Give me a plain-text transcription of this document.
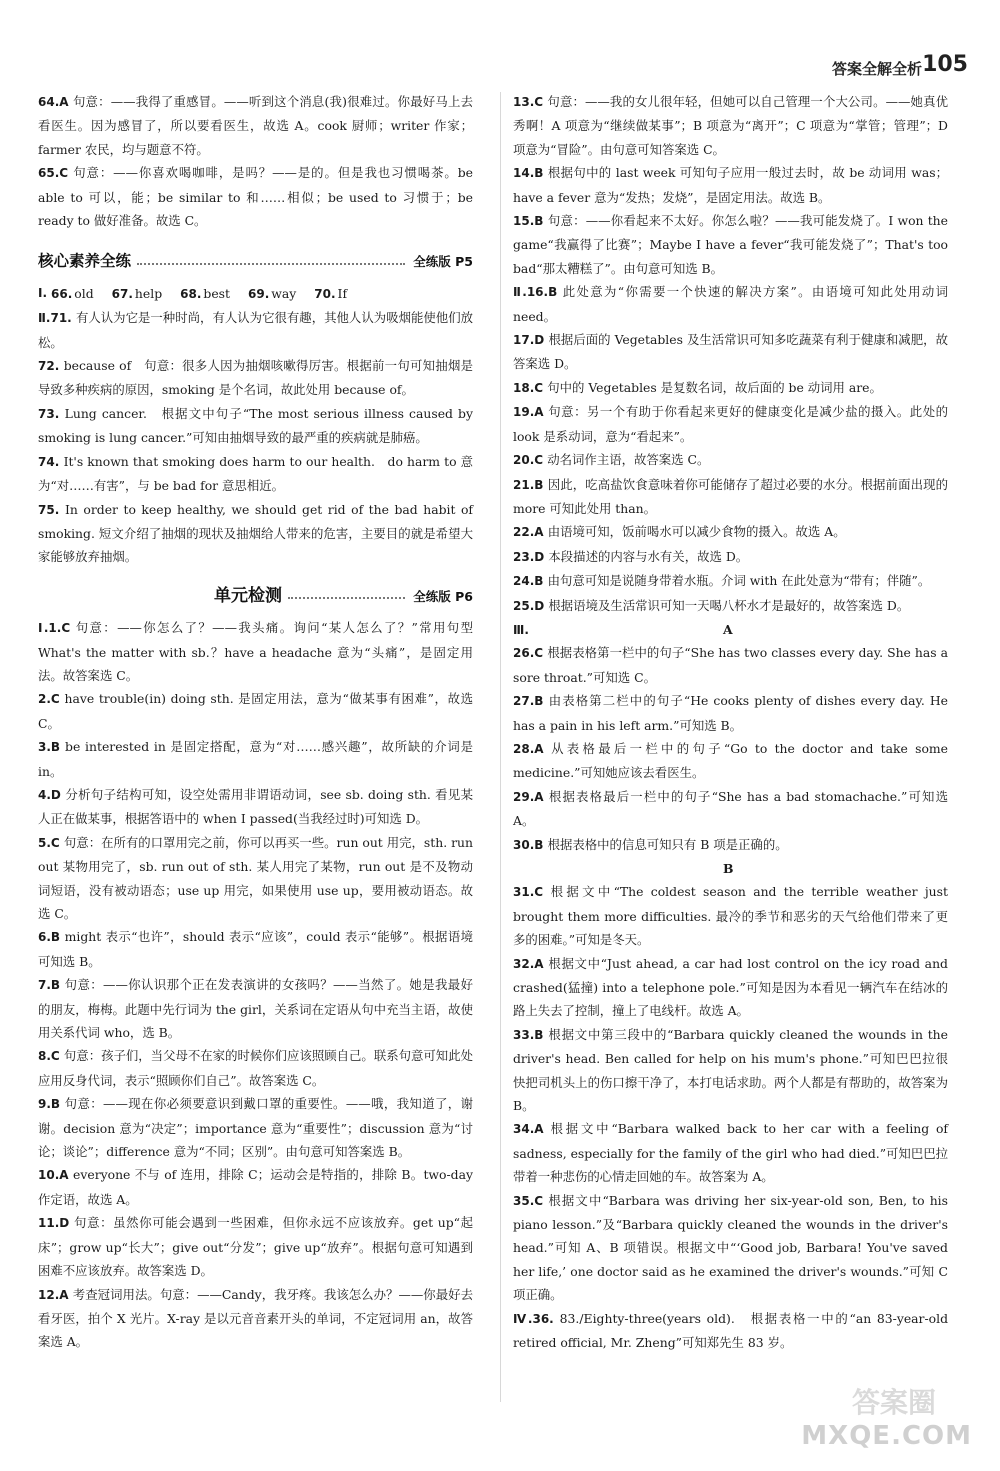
答案全解全析 105
64.A 句意：——我得了重感冒。——听到这个消息(我)很难过。你最好马上去看医生。因为感冒了，所以要看医生，故选 A。cook 厨师；writer 作家；farmer 农民，均与题意不符。
65.C 句意：——你喜欢喝咖啡，是吗？——是的。但是我也习惯喝茶。be able to 可以，能；be similar to 和……相似；be used to 习惯于；be ready to 做好准备。故选 C。
核心素养全练	全练版 P5
Ⅰ. 66. old 67. help 68. best 69. way 70. If
Ⅱ.71. 有人认为它是一种时尚，有人认为它很有趣，其他人认为吸烟能使他们放松。
72. because of　句意：很多人因为抽烟咳嗽得厉害。根据前一句可知抽烟是导致多种疾病的原因，smoking 是个名词，故此处用 because of。
73. Lung cancer.　根据文中句子“The most serious illness caused by smoking is lung cancer.”可知由抽烟导致的最严重的疾病就是肺癌。
74. It's known that smoking does harm to our health.　do harm to 意为“对……有害”，与 be bad for 意思相近。
75. In order to keep healthy, we should get rid of the bad habit of smoking. 短文介绍了抽烟的现状及抽烟给人带来的危害，主要目的就是希望大家能够放弃抽烟。
单元检测	全练版 P6
Ⅰ.1.C 句意：——你怎么了？——我头痛。询问“某人怎么了？”常用句型 What's the matter with sb.？have a headache 意为“头痛”，是固定用法。故答案选 C。
2.C have trouble(in) doing sth. 是固定用法，意为“做某事有困难”，故选 C。
3.B be interested in 是固定搭配，意为“对……感兴趣”，故所缺的介词是 in。
4.D 分析句子结构可知，设空处需用非谓语动词，see sb. doing sth. 看见某人正在做某事，根据答语中的 when I passed(当我经过时)可知选 D。
5.C 句意：在所有的口罩用完之前，你可以再买一些。run out 用完，sth. run out 某物用完了，sb. run out of sth. 某人用完了某物，run out 是不及物动词短语，没有被动语态；use up 用完，如果使用 use up，要用被动语态。故选 C。
6.B might 表示“也许”，should 表示“应该”，could 表示“能够”。根据语境可知选 B。
7.B 句意：——你认识那个正在发表演讲的女孩吗？——当然了。她是我最好的朋友，梅梅。此题中先行词为 the girl，关系词在定语从句中充当主语，故使用关系代词 who，选 B。
8.C 句意：孩子们，当父母不在家的时候你们应该照顾自己。联系句意可知此处应用反身代词，表示“照顾你们自己”。故答案选 C。
9.B 句意：——现在你必须要意识到戴口罩的重要性。——哦，我知道了，谢谢。decision 意为“决定”；importance 意为“重要性”；discussion 意为“讨论；谈论”；difference 意为“不同；区别”。由句意可知答案选 B。
10.A everyone 不与 of 连用，排除 C；运动会是特指的，排除 B。two-day 作定语，故选 A。
11.D 句意：虽然你可能会遇到一些困难，但你永远不应该放弃。get up“起床”；grow up“长大”；give out“分发”；give up“放弃”。根据句意可知遇到困难不应该放弃。故答案选 D。
12.A 考查冠词用法。句意：——Candy，我牙疼。我该怎么办？——你最好去看牙医，拍个 X 光片。X-ray 是以元音音素开头的单词，不定冠词用 an，故答案选 A。
13.C 句意：——我的女儿很年轻，但她可以自己管理一个大公司。——她真优秀啊！A 项意为“继续做某事”；B 项意为“离开”；C 项意为“掌管；管理”；D 项意为“冒险”。由句意可知答案选 C。
14.B 根据句中的 last week 可知句子应用一般过去时，故 be 动词用 was；have a fever 意为“发热；发烧”，是固定用法。故选 B。
15.B 句意：——你看起来不太好。你怎么啦？——我可能发烧了。I won the game“我赢得了比赛”；Maybe I have a fever“我可能发烧了”；That's too bad“那太糟糕了”。由句意可知选 B。
Ⅱ.16.B 此处意为“你需要一个快速的解决方案”。由语境可知此处用动词 need。
17.D 根据后面的 Vegetables 及生活常识可知多吃蔬菜有利于健康和减肥，故答案选 D。
18.C 句中的 Vegetables 是复数名词，故后面的 be 动词用 are。
19.A 句意：另一个有助于你看起来更好的健康变化是减少盐的摄入。此处的 look 是系动词，意为“看起来”。
20.C 动名词作主语，故答案选 C。
21.B 因此，吃高盐饮食意味着你可能储存了超过必要的水分。根据前面出现的 more 可知此处用 than。
22.A 由语境可知，饭前喝水可以减少食物的摄入。故选 A。
23.D 本段描述的内容与水有关，故选 D。
24.B 由句意可知是说随身带着水瓶。介词 with 在此处意为“带有；伴随”。
25.D 根据语境及生活常识可知一天喝八杯水才是最好的，故答案选 D。
Ⅲ.	A
26.C 根据表格第一栏中的句子“She has two classes every day. She has a sore throat.”可知选 C。
27.B 由表格第二栏中的句子“He cooks plenty of dishes every day. He has a pain in his left arm.”可知选 B。
28.A 从表格最后一栏中的句子“Go to the doctor and take some medicine.”可知她应该去看医生。
29.A 根据表格最后一栏中的句子“She has a bad stomachache.”可知选 A。
30.B 根据表格中的信息可知只有 B 项是正确的。
B
31.C 根据文中“The coldest season and the terrible weather just brought them more difficulties. 最冷的季节和恶劣的天气给他们带来了更多的困难。”可知是冬天。
32.A 根据文中“Just ahead, a car had lost control on the icy road and crashed(猛撞) into a telephone pole.”可知是因为本看见一辆汽车在结冰的路上失去了控制，撞上了电线杆。故选 A。
33.B 根据文中第三段中的“Barbara quickly cleaned the wounds in the driver's head. Ben called for help on his mum's phone.”可知巴巴拉很快把司机头上的伤口擦干净了，本打电话求助。两个人都是有帮助的，故答案为 B。
34.A 根据文中“Barbara walked back to her car with a feeling of sadness, especially for the family of the girl who had died.”可知巴巴拉带着一种悲伤的心情走回她的车。故答案为 A。
35.C 根据文中“Barbara was driving her six-year-old son, Ben, to his piano lesson.”及“Barbara quickly cleaned the wounds in the driver's head.”可知 A、B 项错误。根据文中“‘Good job, Barbara! You've saved her life,’ one doctor said as he examined the driver's wounds.”可知 C 项正确。
Ⅳ.36. 83./Eighty-three(years old).　根据表格一中的“an 83-year-old retired official, Mr. Zheng”可知郑先生 83 岁。
答案圈
MXQE.COM
